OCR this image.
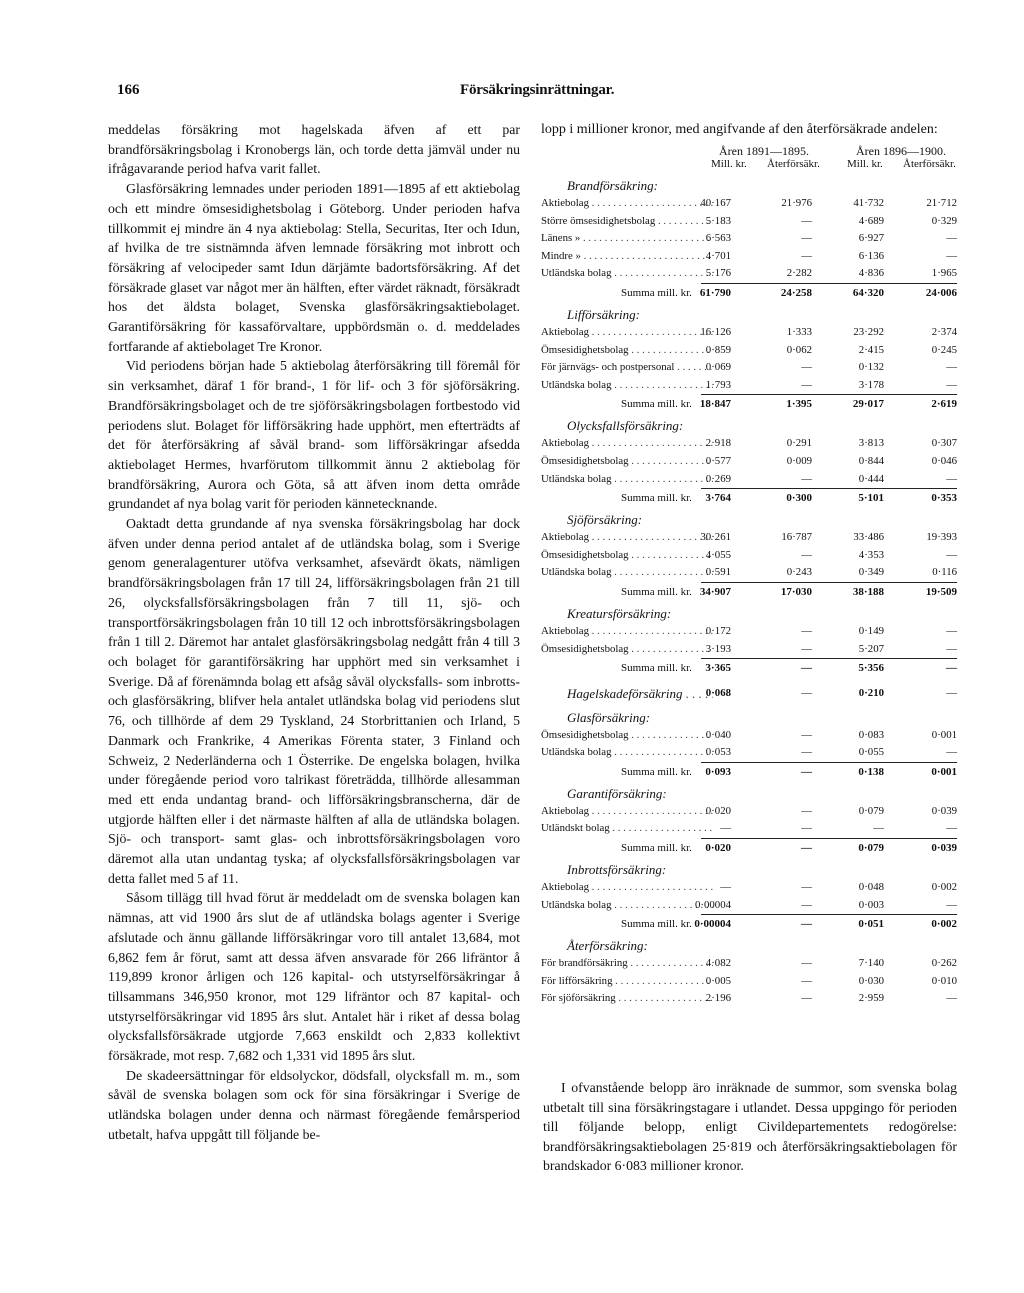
166	Försäkringsinrättningar.

meddelas försäkring mot hagelskada äfven af ett par brandförsäkringsbolag i Kronobergs län, och torde detta jämväl under nu ifrågavarande period hafva varit fallet.

Glasförsäkring lemnades under perioden 1891—1895 af ett aktiebolag och ett mindre ömsesidighetsbolag i Göteborg. Under perioden hafva tillkommit ej mindre än 4 nya aktiebolag: Stella, Securitas, Iter och Idun, af hvilka de tre sistnämnda äfven lemnade försäkring mot inbrott och försäkring af velocipeder samt Idun därjämte badortsförsäkring. Af det försäkrade glaset var något mer än hälften, efter värdet räknadt, försäkradt hos det äldsta bolaget, Svenska glasförsäkringsaktiebolaget. Garantiförsäkring för kassaförvaltare, uppbördsmän o. d. meddelades fortfarande af aktiebolaget Tre Kronor.

Vid periodens början hade 5 aktiebolag återförsäkring till föremål för sin verksamhet, däraf 1 för brand-, 1 för lif- och 3 för sjöförsäkring. Brandförsäkringsbolaget och de tre sjöförsäkringsbolagen fortbestodo vid periodens slut. Bolaget för lifförsäkring hade upphört, men efterträdts af det för återförsäkring af såväl brand- som lifförsäkringar afsedda aktiebolaget Hermes, hvarförutom tillkommit ännu 2 aktiebolag för brandförsäkring, Aurora och Göta, så att äfven inom detta område grundandet af nya bolag varit för perioden kännetecknande.

Oaktadt detta grundande af nya svenska försäkringsbolag har dock äfven under denna period antalet af de utländska bolag, som i Sverige genom generalagenturer utöfva verksamhet, afsevärdt ökats, nämligen brandförsäkringsbolagen från 17 till 24, lifförsäkringsbolagen från 21 till 26, olycksfallsförsäkringsbolagen från 7 till 11, sjö- och transportförsäkringsbolagen från 10 till 12 och inbrottsförsäkringsbolagen från 1 till 2. Däremot har antalet glasförsäkringsbolag nedgått från 4 till 3 och bolaget för garantiförsäkring har upphört med sin verksamhet i Sverige. Då af förenämnda bolag ett afsåg såväl olycksfalls- som inbrotts- och glasförsäkring, blifver hela antalet utländska bolag vid periodens slut 76, och tillhörde af dem 29 Tyskland, 24 Storbrittanien och Irland, 5 Danmark och Frankrike, 4 Amerikas Förenta stater, 3 Finland och Schweiz, 2 Nederländerna och 1 Österrike. De engelska bolagen, hvilka under föregående period voro talrikast företrädda, tillhörde allesamman med ett enda undantag brand- och lifförsäkringsbranscherna, där de utgjorde hälften eller i det närmaste hälften af alla de utländska bolagen. Sjö- och transport- samt glas- och inbrottsförsäkringsbolagen voro däremot alla utan undantag tyska; af olycksfallsförsäkringsbolagen var detta fallet med 5 af 11.

Såsom tillägg till hvad förut är meddeladt om de svenska bolagen kan nämnas, att vid 1900 års slut de af utländska bolags agenter i Sverige afslutade och ännu gällande lifförsäkringar voro till antalet 13,684, mot 6,862 fem år förut, samt att dessa äfven ansvarade för 266 lifräntor å 119,899 kronor årligen och 126 kapital- och utstyrselförsäkringar å tillsammans 346,950 kronor, mot 129 lifräntor och 87 kapital- och utstyrselförsäkringar vid 1895 års slut. Antalet här i riket af dessa bolag olycksfallsförsäkrade utgjorde 7,663 enskildt och 2,833 kollektivt försäkrade, mot resp. 7,682 och 1,331 vid 1895 års slut.

De skadeersättningar för eldsolyckor, dödsfall, olycksfall m. m., som såväl de svenska bolagen som ock för sina försäkringar i Sverige de utländska bolagen under denna och närmast föregående femårsperiod utbetalt, hafva uppgått till följande be-

lopp i millioner kronor, med angifvande af den återförsäkrade andelen:

Åren 1891—1895.	Åren 1896—1900.
Mill. kr. Återförsäkr. Mill. kr. Återförsäkr.
Brandförsäkring:
Aktiebolag . . .	40·167	21·976	41·732	21·712
Större ömsesidighetsbolag . . .	5·183	—	4·689	0·329
Länens » . . .	6·563	—	6·927	—
Mindre » . . .	4·701	—	6·136	—
Utländska bolag . . .	5·176	2·282	4·836	1·965
Summa mill. kr. 61·790	24·258	64·320	24·006
Lifförsäkring:
Aktiebolag . . .	16·126	1·333	23·292	2·374
Ömsesidighetsbolag . . .	0·859	0·062	2·415	0·245
För järnvägs- och postpersonal . . .	0·069	—	0·132	—
Utländska bolag . . .	1·793	—	3·178	—
Summa mill. kr. 18·847	1·395	29·017	2·619
Olycksfallsförsäkring:
Aktiebolag . . .	2·918	0·291	3·813	0·307
Ömsesidighetsbolag . . .	0·577	0·009	0·844	0·046
Utländska bolag . . .	0·269	—	0·444	—
Summa mill. kr.	3·764	0·300	5·101	0·353
Sjöförsäkring:
Aktiebolag . . .	30·261	16·787	33·486	19·393
Ömsesidighetsbolag . . .	4·055	—	4·353	—
Utländska bolag . . .	0·591	0·243	0·349	0·116
Summa mill. kr. 34·907	17·030	38·188	19·509
Kreatursförsäkring:
Aktiebolag . . .	0·172	—	0·149	—
Ömsesidighetsbolag . . .	3·193	—	5·207	—
Summa mill. kr.	3·365	—	5·356	—
Hagelskadeförsäkring . . .	0·068	—	0·210	—
Glasförsäkring:
Ömsesidighetsbolag . . .	0·040	—	0·083	0·001
Utländska bolag . . .	0·053	—	0·055	—
Summa mill. kr.	0·093	—	0·138	0·001
Garantiförsäkring:
Aktiebolag . . .	0·020	—	0·079	0·039
Utländskt bolag . . .	—	—	—	—
Summa mill. kr.	0·020	—	0·079	0·039
Inbrottsförsäkring:
Aktiebolag . . .	—	—	0·048	0·002
Utländska bolag . . .	0·00004	—	0·003	—
Summa mill. kr. 0·00004	—	0·051	0·002
Återförsäkring:
För brandförsäkring . . .	4·082	—	7·140	0·262
För lifförsäkring . . .	0·005	—	0·030	0·010
För sjöförsäkring . . .	2·196	—	2·959	—
I ofvanstående belopp äro inräknade de summor, som svenska bolag utbetalt till sina försäkringstagare i utlandet. Dessa uppgingo för perioden till följande belopp, enligt Civildepartementets redogörelse: brandförsäkringsaktiebolagen 25·819 och återförsäkringsaktiebolagen för brandskador 6·083 millioner kronor.
